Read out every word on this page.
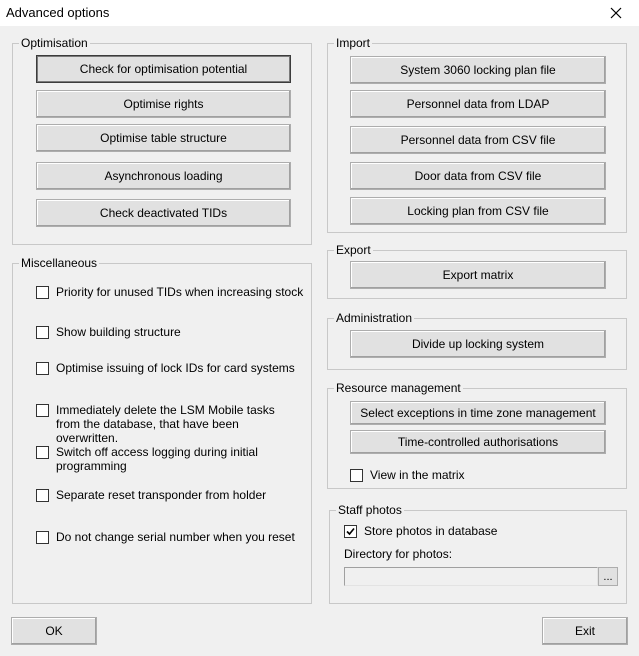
Advanced options
Optimisation
Check for optimisation potential
Optimise rights
Optimise table structure
Asynchronous loading
Check deactivated TIDs
Import
System 3060 locking plan file
Personnel data from LDAP
Personnel data from CSV file
Door data from CSV file
Locking plan from CSV file
Miscellaneous
Priority for unused TIDs when increasing stock
Show building structure
Optimise issuing of lock IDs for card systems
Immediately delete the LSM Mobile tasks from the database, that have been overwritten.
Switch off access logging during initial programming
Separate reset transponder from holder
Do not change serial number when you reset
Export
Export matrix
Administration
Divide up locking system
Resource management
Select exceptions in time zone management
Time-controlled authorisations
View in the matrix
Staff photos
Store photos in database
Directory for photos:
...
OK	Exit
